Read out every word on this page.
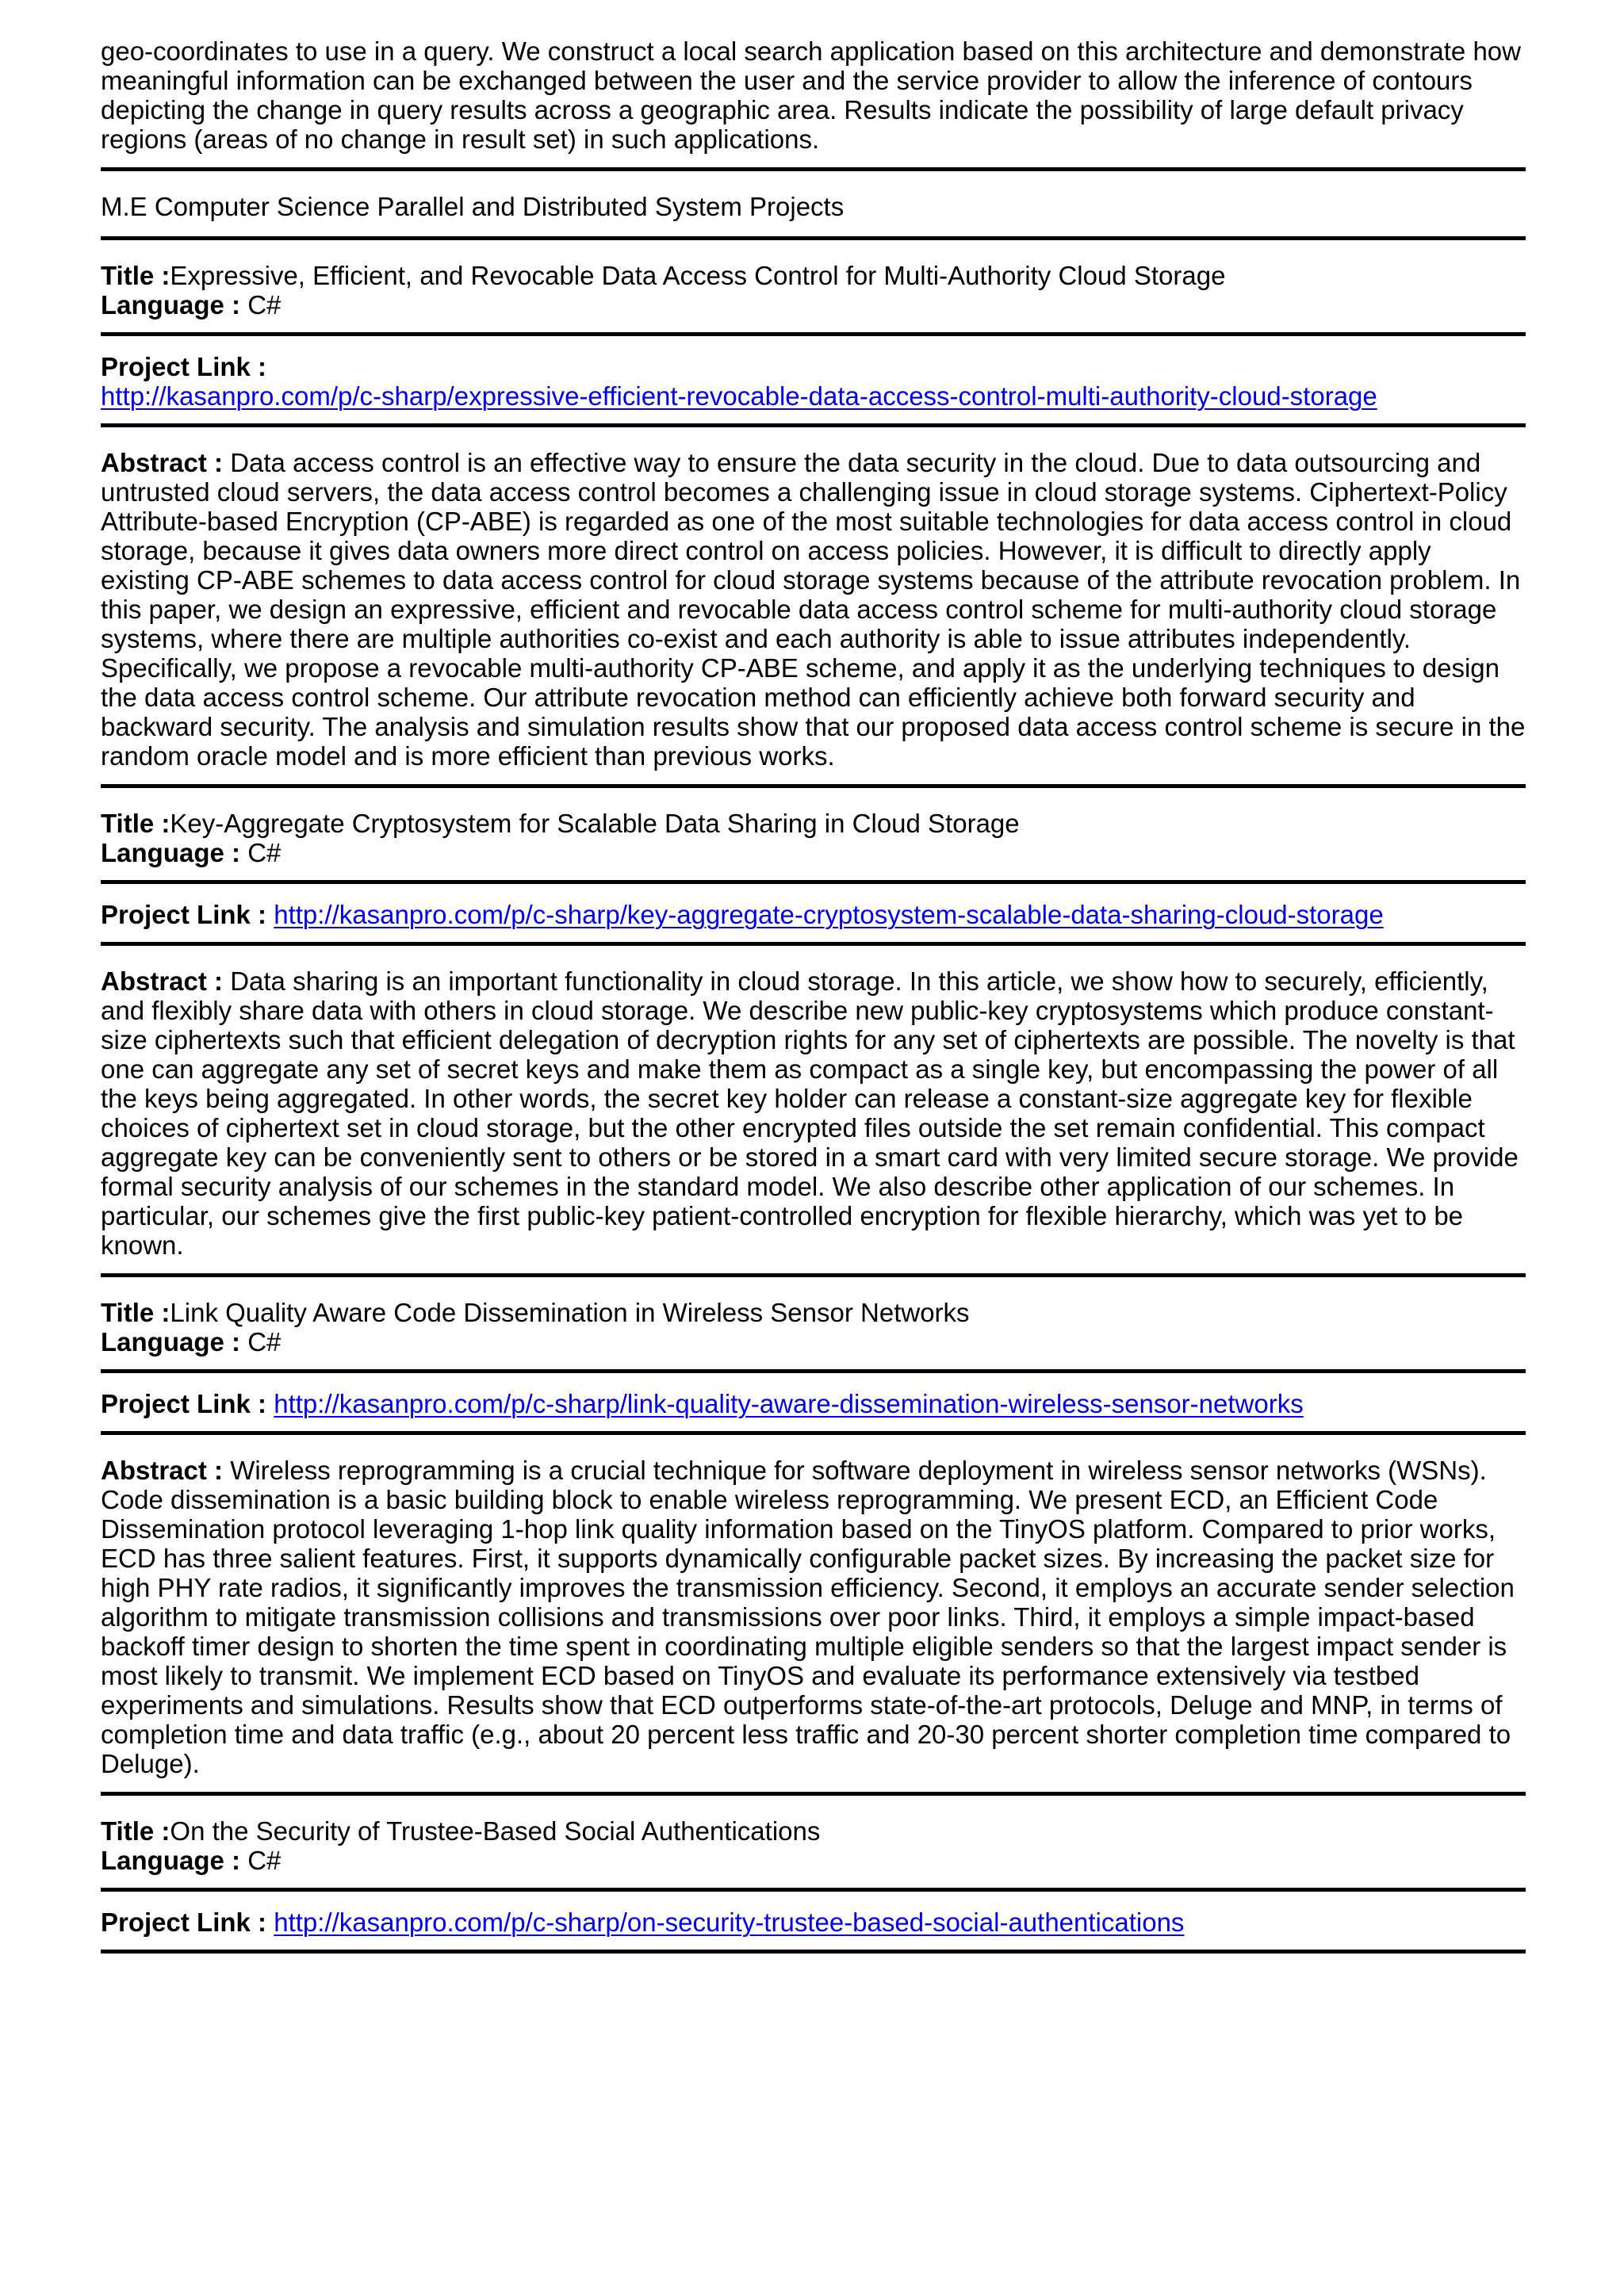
geo-coordinates to use in a query. We construct a local search application based on this architecture and demonstrate how meaningful information can be exchanged between the user and the service provider to allow the inference of contours depicting the change in query results across a geographic area. Results indicate the possibility of large default privacy regions (areas of no change in result set) in such applications.

M.E Computer Science Parallel and Distributed System Projects

Title :Expressive, Efficient, and Revocable Data Access Control for Multi-Authority Cloud Storage

Language : C#

Project Link :
http://kasanpro.com/p/c-sharp/expressive-efficient-revocable-data-access-control-multi-authority-cloud-storage

Abstract : Data access control is an effective way to ensure the data security in the cloud. Due to data outsourcing and untrusted cloud servers, the data access control becomes a challenging issue in cloud storage systems. Ciphertext-Policy Attribute-based Encryption (CP-ABE) is regarded as one of the most suitable technologies for data access control in cloud storage, because it gives data owners more direct control on access policies. However, it is difficult to directly apply existing CP-ABE schemes to data access control for cloud storage systems because of the attribute revocation problem. In this paper, we design an expressive, efficient and revocable data access control scheme for multi-authority cloud storage systems, where there are multiple authorities co-exist and each authority is able to issue attributes independently. Specifically, we propose a revocable multi-authority CP-ABE scheme, and apply it as the underlying techniques to design the data access control scheme. Our attribute revocation method can efficiently achieve both forward security and backward security. The analysis and simulation results show that our proposed data access control scheme is secure in the random oracle model and is more efficient than previous works.

Title :Key-Aggregate Cryptosystem for Scalable Data Sharing in Cloud Storage

Language : C#

Project Link : http://kasanpro.com/p/c-sharp/key-aggregate-cryptosystem-scalable-data-sharing-cloud-storage

Abstract : Data sharing is an important functionality in cloud storage. In this article, we show how to securely, efficiently, and flexibly share data with others in cloud storage. We describe new public-key cryptosystems which produce constant-size ciphertexts such that efficient delegation of decryption rights for any set of ciphertexts are possible. The novelty is that one can aggregate any set of secret keys and make them as compact as a single key, but encompassing the power of all the keys being aggregated. In other words, the secret key holder can release a constant-size aggregate key for flexible choices of ciphertext set in cloud storage, but the other encrypted files outside the set remain confidential. This compact aggregate key can be conveniently sent to others or be stored in a smart card with very limited secure storage. We provide formal security analysis of our schemes in the standard model. We also describe other application of our schemes. In particular, our schemes give the first public-key patient-controlled encryption for flexible hierarchy, which was yet to be known.

Title :Link Quality Aware Code Dissemination in Wireless Sensor Networks

Language : C#

Project Link : http://kasanpro.com/p/c-sharp/link-quality-aware-dissemination-wireless-sensor-networks

Abstract : Wireless reprogramming is a crucial technique for software deployment in wireless sensor networks (WSNs). Code dissemination is a basic building block to enable wireless reprogramming. We present ECD, an Efficient Code Dissemination protocol leveraging 1-hop link quality information based on the TinyOS platform. Compared to prior works, ECD has three salient features. First, it supports dynamically configurable packet sizes. By increasing the packet size for high PHY rate radios, it significantly improves the transmission efficiency. Second, it employs an accurate sender selection algorithm to mitigate transmission collisions and transmissions over poor links. Third, it employs a simple impact-based backoff timer design to shorten the time spent in coordinating multiple eligible senders so that the largest impact sender is most likely to transmit. We implement ECD based on TinyOS and evaluate its performance extensively via testbed experiments and simulations. Results show that ECD outperforms state-of-the-art protocols, Deluge and MNP, in terms of completion time and data traffic (e.g., about 20 percent less traffic and 20-30 percent shorter completion time compared to Deluge).

Title :On the Security of Trustee-Based Social Authentications

Language : C#

Project Link : http://kasanpro.com/p/c-sharp/on-security-trustee-based-social-authentications
